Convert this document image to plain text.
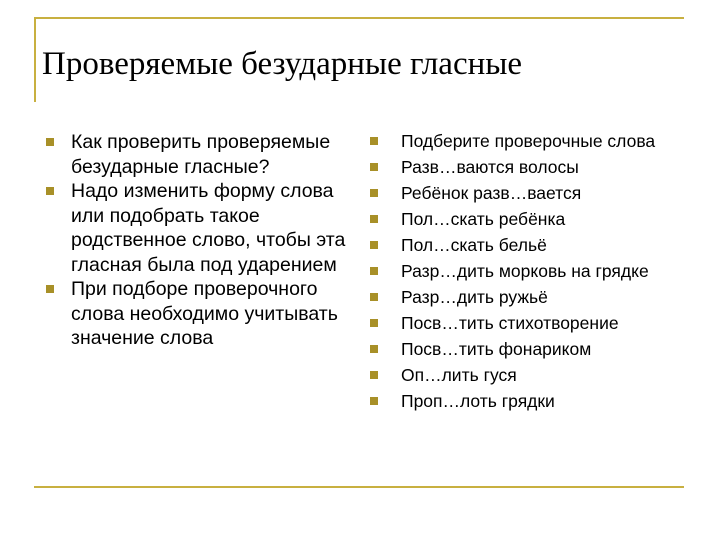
Проверяемые безударные гласные
Как проверить проверяемые безударные гласные?
Надо изменить форму слова или подобрать такое родственное слово, чтобы эта гласная была под ударением
При подборе проверочного слова необходимо учитывать значение слова
Подберите проверочные слова
Разв…ваются волосы
Ребёнок разв…вается
Пол…скать ребёнка
Пол…скать бельё
Разр…дить морковь на грядке
Разр…дить ружьё
Посв…тить стихотворение
Посв…тить фонариком
Оп…лить гуся
Проп…лоть грядки
